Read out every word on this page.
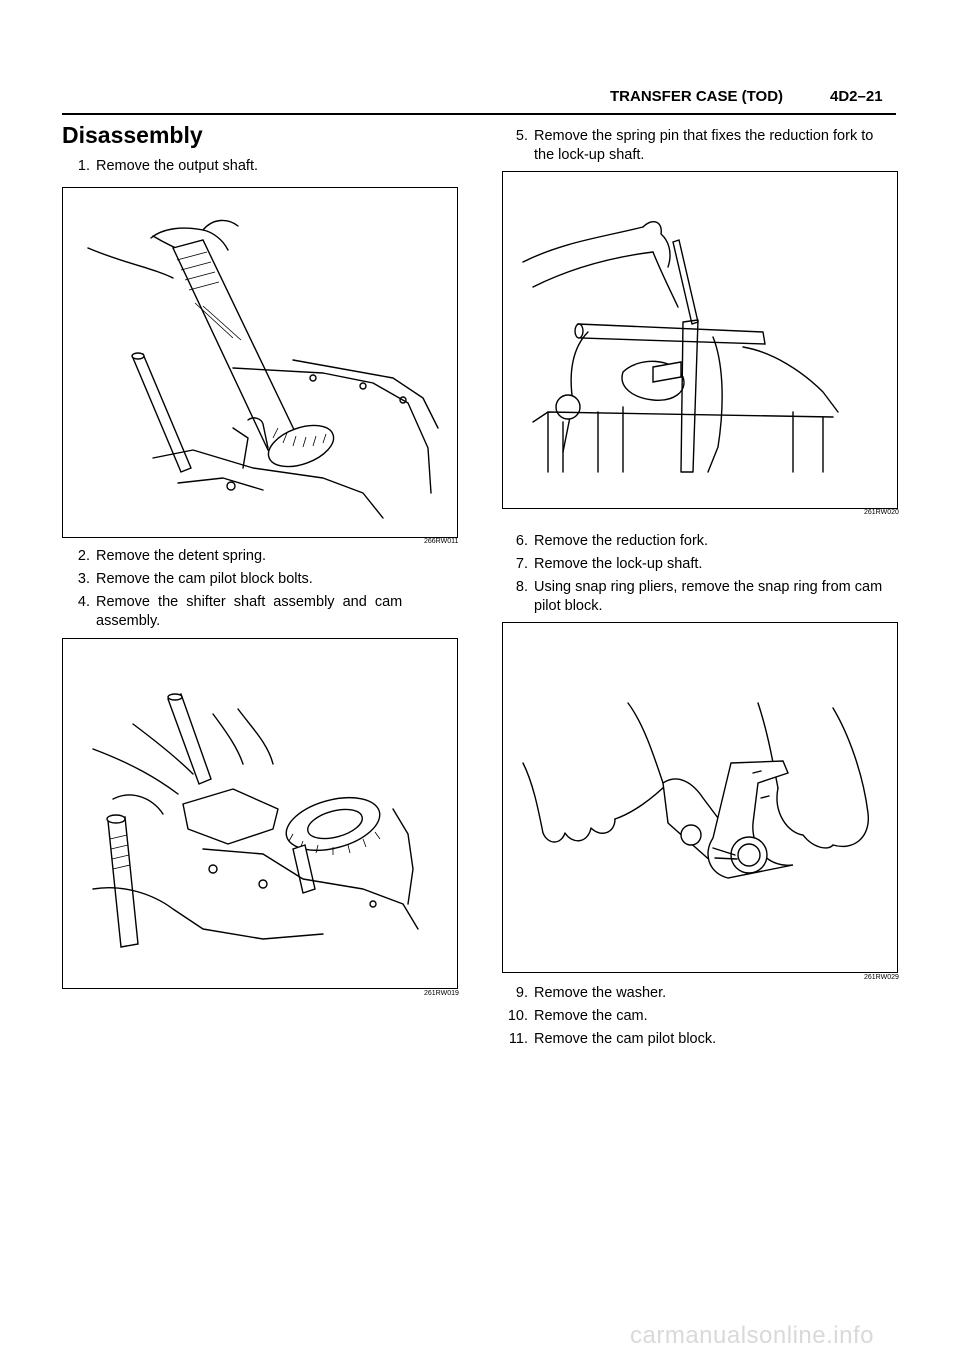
TRANSFER CASE (TOD)	4D2–21
Disassembly
1. Remove the output shaft.
266RW011
2. Remove the detent spring.
3. Remove the cam pilot block bolts.
4. Remove  the  shifter  shaft  assembly  and  cam
assembly.
261RW019
5. Remove the spring pin that fixes the reduction fork to
the lock-up shaft.
261RW020
6. Remove the reduction fork.
7. Remove the lock-up shaft.
8. Using snap ring pliers, remove the snap ring from cam
pilot block.
261RW029
9. Remove the washer.
10. Remove the cam.
11. Remove the cam pilot block.
carmanualsonline.info
